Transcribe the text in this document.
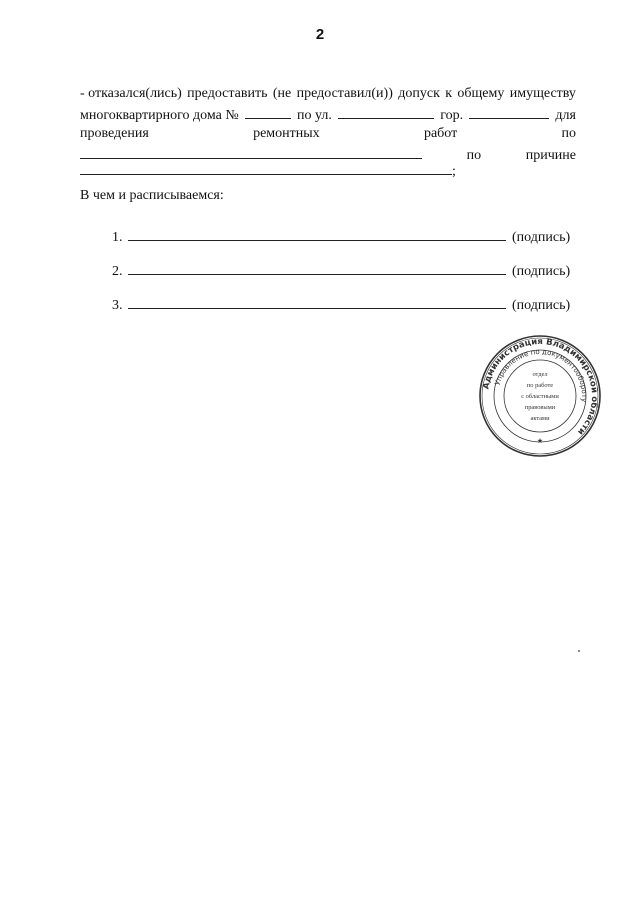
2
- отказался(лись) предоставить (не предоставил(и)) допуск к общему имуществу
многоквартирного дома №	по ул.	гор.	для
проведения	ремонтных	работ	по
по	причине
;
В чем и расписываемся:
1.	(подпись)
2.	(подпись)
3.	(подпись)
Администрация Владимирской области
Управление по документообороту
отдел
по работе
с областными
правовыми
актами
★
